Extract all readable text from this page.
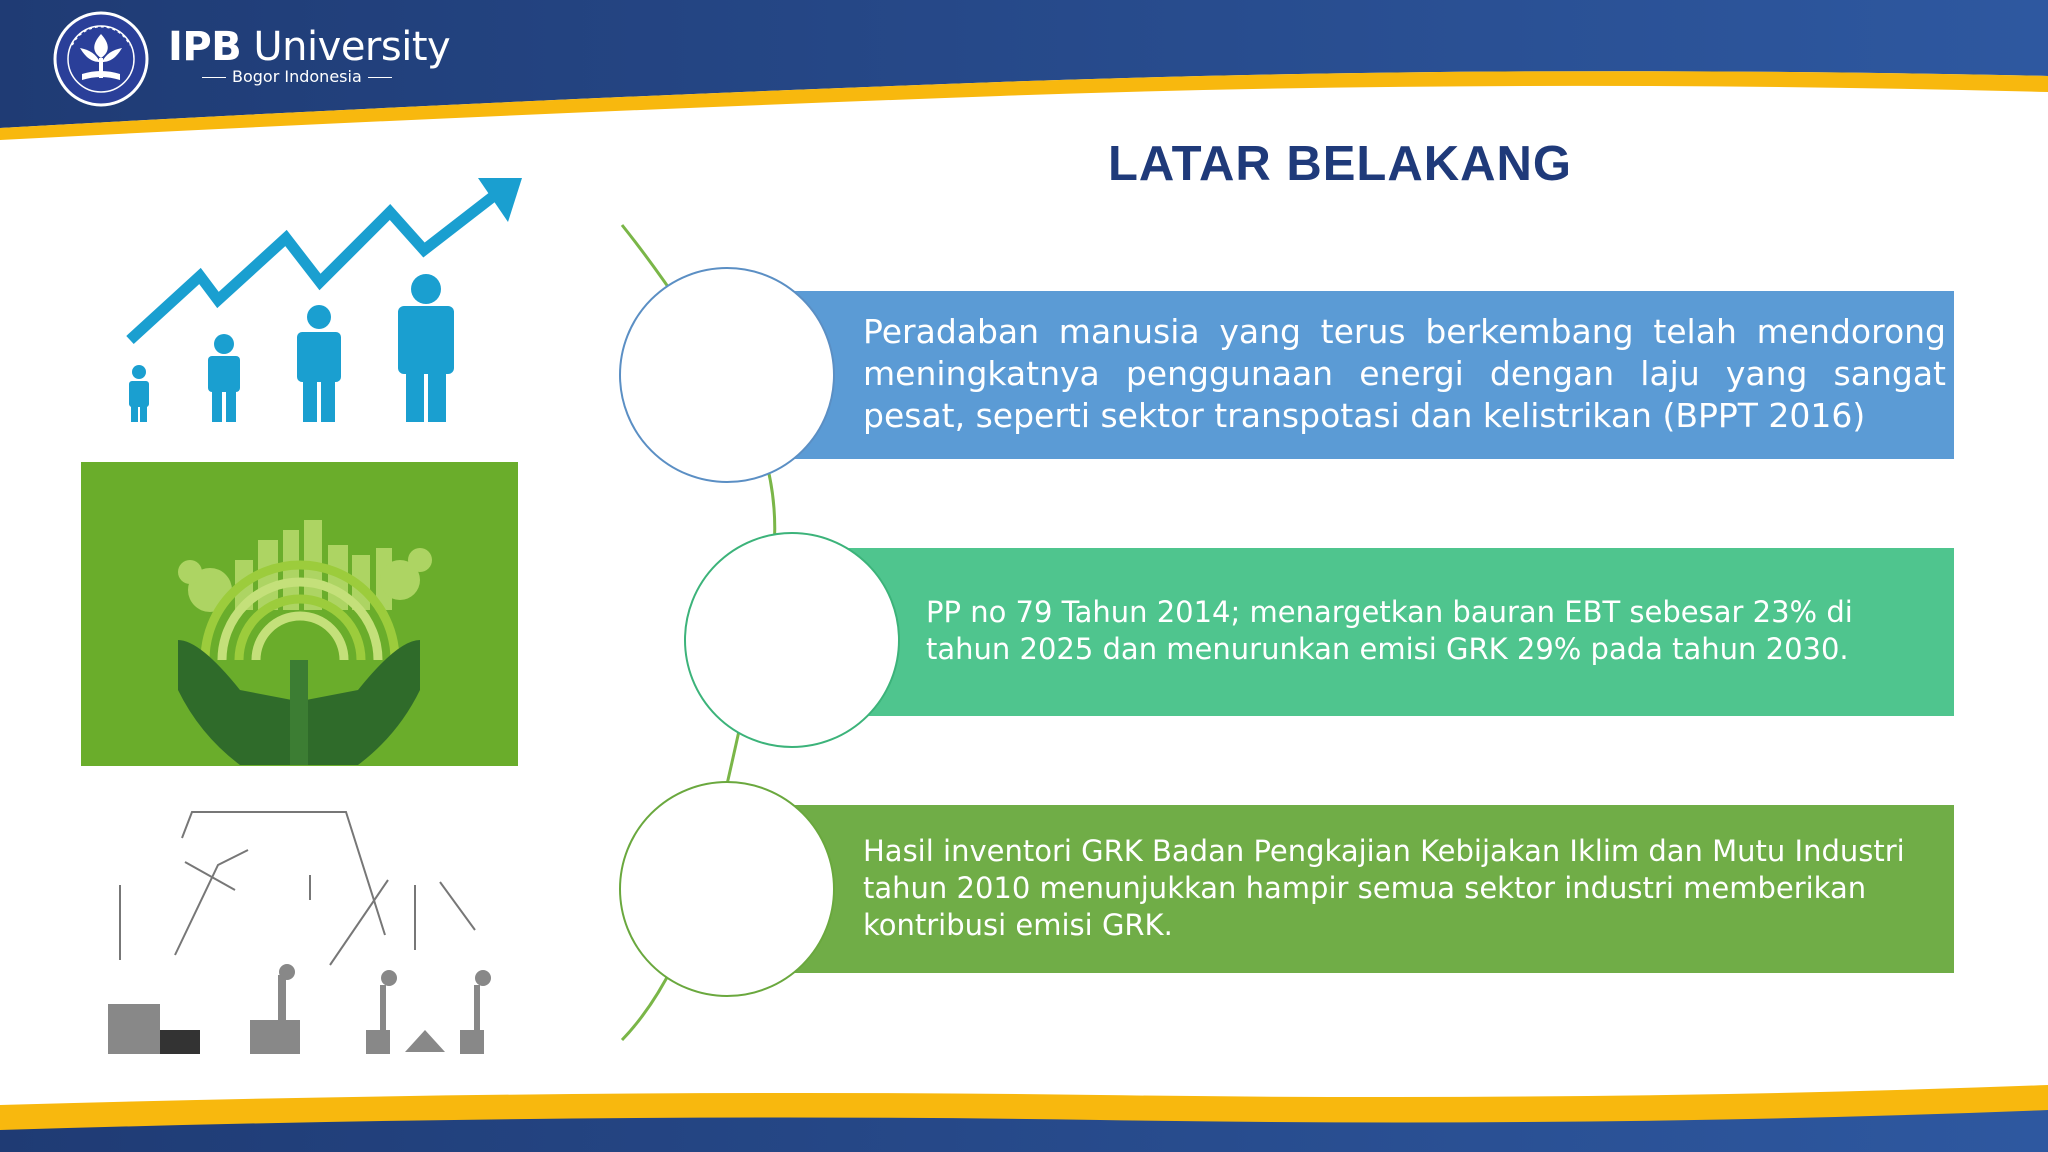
IPB University
Bogor Indonesia
LATAR BELAKANG
Peradaban manusia yang terus berkembang telah mendorong meningkatnya penggunaan energi dengan laju yang sangat pesat, seperti sektor transpotasi dan kelistrikan (BPPT 2016)
PP no 79 Tahun 2014; menargetkan bauran EBT sebesar 23% di tahun 2025 dan menurunkan emisi GRK 29% pada tahun 2030.
Hasil inventori GRK Badan Pengkajian Kebijakan Iklim dan Mutu Industri tahun 2010 menunjukkan hampir semua sektor industri memberikan kontribusi emisi GRK.
